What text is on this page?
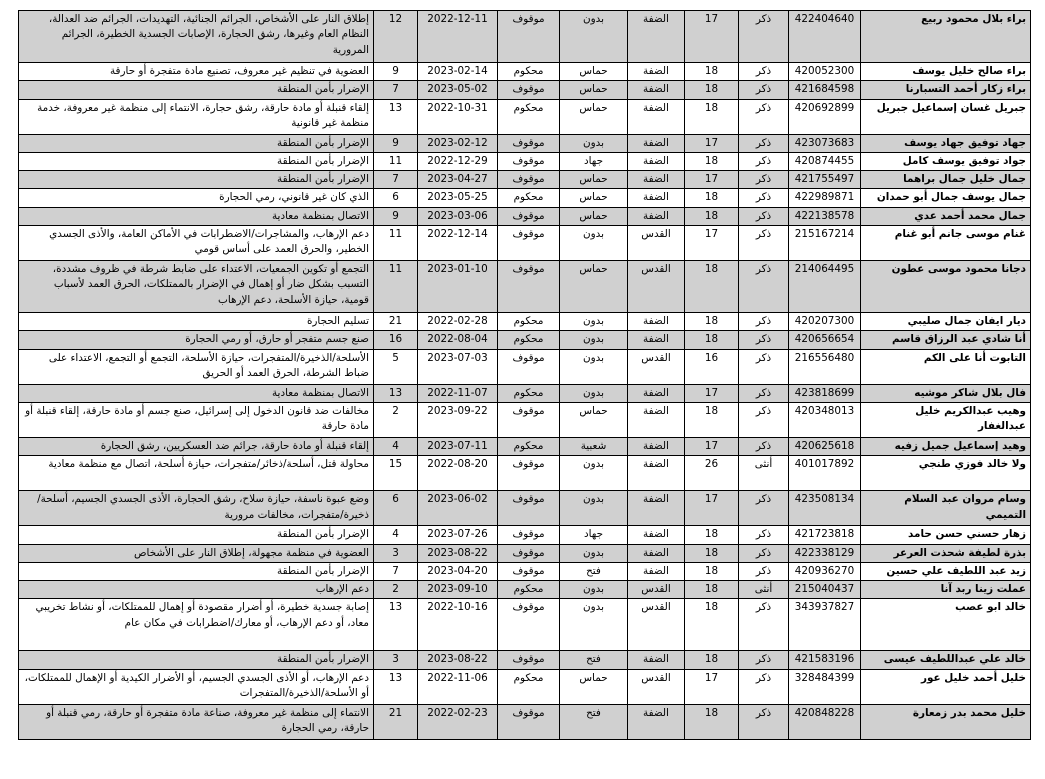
براء بلال محمود ربيع	422404640	ذكر	17	الضفة	بدون	موقوف	2022-12-11	12	إطلاق النار على الأشخاص، الجرائم الجنائية، التهديدات، الجرائم ضد العدالة، النظام العام وغيرها، رشق الحجارة، الإصابات الجسدية الخطيرة، الجرائم المرورية
براء صالح خليل يوسف	420052300	ذكر	18	الضفة	حماس	محكوم	2023-02-14	9	العضوية في تنظيم غير معروف، تصنيع مادة متفجرة أو حارقة
براء زكار أحمد التسبارنا	421684598	ذكر	18	الضفة	حماس	موقوف	2023-05-02	7	الإضرار بأمن المنطقة
جبريل غسان إسماعيل جبريل	420692899	ذكر	18	الضفة	حماس	محكوم	2022-10-31	13	إلقاء قنبلة أو مادة حارقة، رشق حجارة، الانتماء إلى منظمة غير معروفة، خدمة منظمة غير قانونية
جهاد توفيق جهاد يوسف	423073683	ذكر	17	الضفة	بدون	موقوف	2023-02-12	9	الإضرار بأمن المنطقة
جواد توفيق يوسف كامل	420874455	ذكر	18	الضفة	جهاد	موقوف	2022-12-29	11	الإضرار بأمن المنطقة
جمال خليل جمال براهما	421755497	ذكر	17	الضفة	حماس	موقوف	2023-04-27	7	الإضرار بأمن المنطقة
جمال يوسف جمال أبو حمدان	422989871	ذكر	18	الضفة	حماس	محكوم	2023-05-25	6	الذي كان غير قانوني، رمي الحجارة
جمال محمد أحمد عدي	422138578	ذكر	18	الضفة	حماس	موقوف	2023-03-06	9	الاتصال بمنظمة معادية
غنام موسى جانم أبو غنام	215167214	ذكر	17	القدس	بدون	موقوف	2022-12-14	11	دعم الإرهاب، والمشاجرات/الاضطرابات في الأماكن العامة، والأذى الجسدي الخطير، والحرق العمد على أساس قومي
دجانا محمود موسى عطون	214064495	ذكر	18	القدس	حماس	موقوف	2023-01-10	11	التجمع أو تكوين الجمعيات، الاعتداء على ضابط شرطة في ظروف مشددة، التسبب بشكل ضار أو إهمال في الإضرار بالممتلكات، الحرق العمد لأسباب قومية، حيازة الأسلحة، دعم الإرهاب
ديار ايفان جمال صليبي	420207300	ذكر	18	الضفة	بدون	محكوم	2022-02-28	21	تسليم الحجارة
أنا شادي عبد الرزاق قاسم	420656654	ذكر	18	الضفة	بدون	محكوم	2022-08-04	16	صنع جسم متفجر أو حارق، أو رمي الحجارة
التابوت أنا على الكم	216556480	ذكر	16	القدس	بدون	موقوف	2023-07-03	5	الأسلحة/الذخيرة/المتفجرات، حيازة الأسلحة، التجمع أو التجمع، الاعتداء على ضباط الشرطة، الحرق العمد أو الحريق
فال بلال شاكر موشيه	423818699	ذكر	17	الضفة	بدون	محكوم	2022-11-07	13	الاتصال بمنظمة معادية
وهيب عبدالكريم خليل عبدالغفار	420348013	ذكر	18	الضفة	حماس	موقوف	2023-09-22	2	مخالفات ضد قانون الدخول إلى إسرائيل، صنع جسم أو مادة حارقة، إلقاء قنبلة أو مادة حارقة
وهيد إسماعيل جميل زفيه	420625618	ذكر	17	الضفة	شعبية	محكوم	2023-07-11	4	إلقاء قنبلة أو مادة حارقة، جرائم ضد العسكريين، رشق الحجارة
ولا خالد فوزي طنجي	401017892	أنثى	26	الضفة	بدون	موقوف	2022-08-20	15	محاولة قتل، أسلحة/ذخائر/متفجرات، حيازة أسلحة، اتصال مع منظمة معادية
وسام مروان عبد السلام التميمي	423508134	ذكر	17	الضفة	بدون	موقوف	2023-06-02	6	وضع عبوة ناسفة، حيازة سلاح، رشق الحجارة، الأذى الجسدي الجسيم، أسلحة/ذخيرة/متفجرات، مخالفات مرورية
زهار حسني حسن حامد	421723818	ذكر	18	الضفة	جهاد	موقوف	2023-07-26	4	الإضرار بأمن المنطقة
بذرة لطيفة شحذت العرعر	422338129	ذكر	18	الضفة	بدون	موقوف	2023-08-22	3	العضوية في منظمة مجهولة، إطلاق النار على الأشخاص
زيد عبد اللطيف علي حسين	420936270	ذكر	18	الضفة	فتح	موقوف	2023-04-20	7	الإضرار بأمن المنطقة
عملت زينا ربد آنا	215040437	أنثى	18	القدس	بدون	محكوم	2023-09-10	2	دعم الإرهاب
خالد ابو عصب	343937827	ذكر	18	القدس	بدون	موقوف	2022-10-16	13	إصابة جسدية خطيرة، أو أضرار مقصودة أو إهمال للممتلكات، أو نشاط تخريبي معاد، أو دعم الإرهاب، أو معارك/اضطرابات في مكان عام
خالد علي عبداللطيف عيسى	421583196	ذكر	18	الضفة	فتح	موقوف	2023-08-22	3	الإضرار بأمن المنطقة
خليل أحمد خليل عور	328484399	ذكر	17	القدس	حماس	محكوم	2022-11-06	13	دعم الإرهاب، أو الأذى الجسدي الجسيم، أو الأضرار الكيدية أو الإهمال للممتلكات، أو الأسلحة/الذخيرة/المتفجرات
خليل محمد بدر زمعارة	420848228	ذكر	18	الضفة	فتح	موقوف	2022-02-23	21	الانتماء إلى منظمة غير معروفة، صناعة مادة متفجرة أو حارقة، رمي قنبلة أو حارقة، رمي الحجارة
